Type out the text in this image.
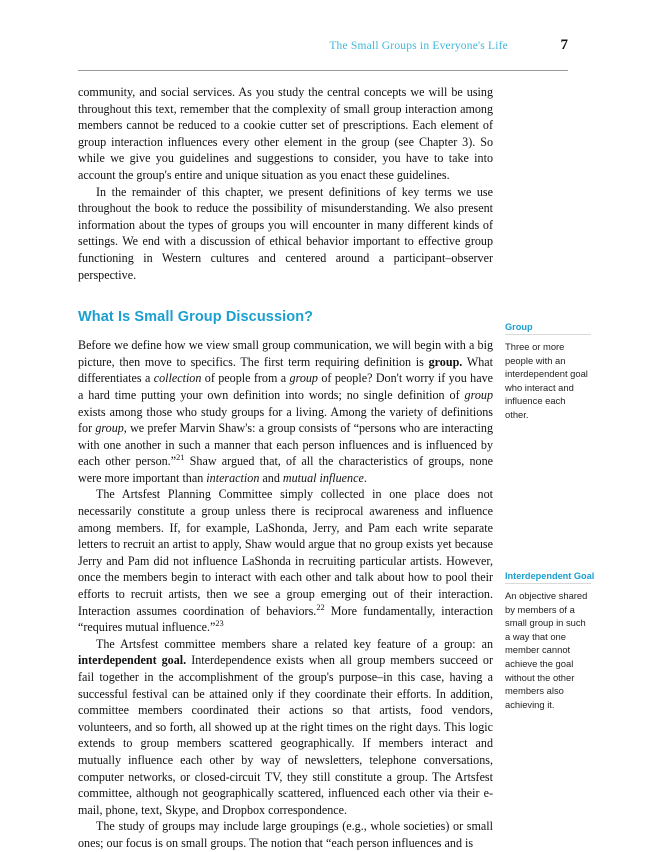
The Small Groups in Everyone's Life	7

community, and social services. As you study the central concepts we will be using throughout this text, remember that the complexity of small group interaction among members cannot be reduced to a cookie cutter set of prescriptions. Each element of group interaction influences every other element in the group (see Chapter 3). So while we give you guidelines and suggestions to consider, you have to take into account the group's entire and unique situation as you enact these guidelines.

In the remainder of this chapter, we present definitions of key terms we use throughout the book to reduce the possibility of misunderstanding. We also present information about the types of groups you will encounter in many different kinds of settings. We end with a discussion of ethical behavior important to effective group functioning in Western cultures and centered around a participant–observer perspective.

What Is Small Group Discussion?

Before we define how we view small group communication, we will begin with a big picture, then move to specifics. The first term requiring definition is group. What differentiates a collection of people from a group of people? Don't worry if you have a hard time putting your own definition into words; no single definition of group exists among those who study groups for a living. Among the variety of definitions for group, we prefer Marvin Shaw's: a group consists of “persons who are interacting with one another in such a manner that each person influences and is influenced by each other person.”$^{21}$ Shaw argued that, of all the characteristics of groups, none were more important than interaction and mutual influence.

The Artsfest Planning Committee simply collected in one place does not necessarily constitute a group unless there is reciprocal awareness and influence among members. If, for example, LaShonda, Jerry, and Pam each write separate letters to recruit an artist to apply, Shaw would argue that no group exists yet because Jerry and Pam did not influence LaShonda in recruiting particular artists. However, once the members begin to interact with each other and talk about how to pool their efforts to recruit artists, then we see a group emerging out of their interaction. Interaction assumes coordination of behaviors.$^{22}$ More fundamentally, interaction “requires mutual influence.”$^{23}$

The Artsfest committee members share a related key feature of a group: an interdependent goal. Interdependence exists when all group members succeed or fail together in the accomplishment of the group's purpose–in this case, having a successful festival can be attained only if they coordinate their efforts. In addition, committee members coordinated their actions so that artists, food vendors, volunteers, and so forth, all showed up at the right times on the right days. This logic extends to group members scattered geographically. If members interact and mutually influence each other by way of newsletters, telephone conversations, computer networks, or closed-circuit TV, they still constitute a group. The Artsfest committee, although not geographically scattered, influenced each other via their e-mail, phone, text, Skype, and Dropbox correspondence.

The study of groups may include large groupings (e.g., whole societies) or small ones; our focus is on small groups. The notion that “each person influences and is

Group
Three or more people with an interdependent goal who interact and influence each other.
Interdependent Goal
An objective shared by members of a small group in such a way that one member cannot achieve the goal without the other members also achieving it.
